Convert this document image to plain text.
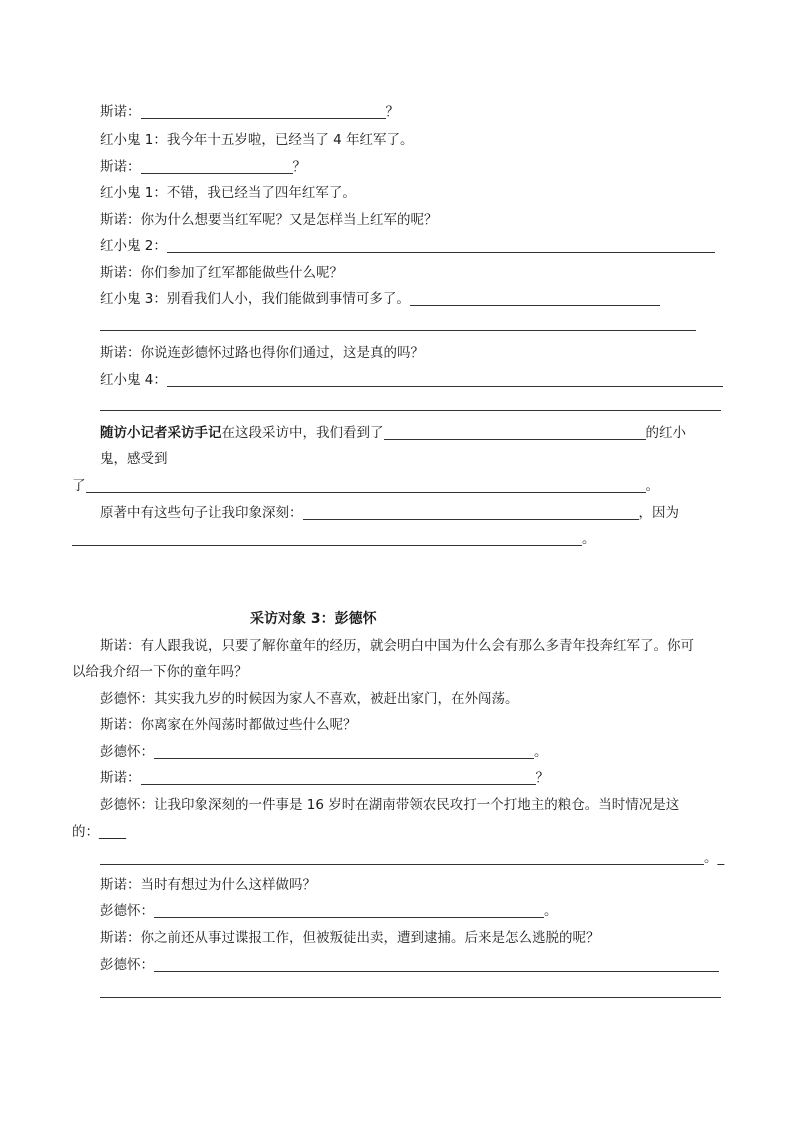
斯诺：	？
红小鬼 1：我今年十五岁啦，已经当了 4 年红军了。
斯诺：	？
红小鬼 1：不错，我已经当了四年红军了。
斯诺：你为什么想要当红军呢？又是怎样当上红军的呢？
红小鬼 2：
斯诺：你们参加了红军都能做些什么呢？
红小鬼 3：别看我们人小，我们能做到事情可多了。
斯诺：你说连彭德怀过路也得你们通过，这是真的吗？
红小鬼 4：
随访小记者采访手记在这段采访中，我们看到了	的红小
鬼，感受到
了	。
原著中有这些句子让我印象深刻：	，因为
。
采访对象 3：彭德怀
斯诺：有人跟我说，只要了解你童年的经历，就会明白中国为什么会有那么多青年投奔红军了。你可
以给我介绍一下你的童年吗？
彭德怀：其实我九岁的时候因为家人不喜欢，被赶出家门，在外闯荡。
斯诺：你离家在外闯荡时都做过些什么呢？
彭德怀：	。
斯诺：	？
彭德怀：让我印象深刻的一件事是 16 岁时在湖南带领农民攻打一个打地主的粮仓。当时情况是这
的：____
。_
斯诺：当时有想过为什么这样做吗？
彭德怀：	。
斯诺：你之前还从事过谍报工作，但被叛徒出卖，遭到逮捕。后来是怎么逃脱的呢？
彭德怀：
